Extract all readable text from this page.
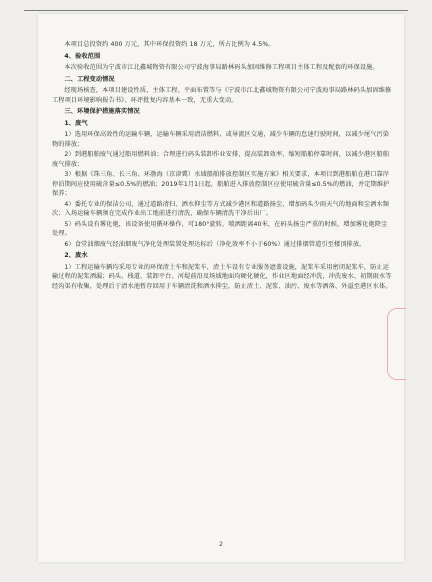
本项目总投资约 400 万元，其中环保投资约 18 万元，所占比例为 4.5%。
4、验收范围
本次验收范围为宁波市江北鑫城物资有限公司宁波海事局路林码头加固维修工程项目主体工程及配套的环保设施。
二、工程变动情况
经现场核查，本项目建设性质、主体工程、平面布置等与《宁波市江北鑫城物资有限公司宁波海事局路林码头加固维修工程项目环境影响报告书》、环评批复内容基本一致，无重大变动。
三、环境保护措施落实情况
1、废气
1）选用环保高效性的运输车辆，运输车辆采用清洁燃料，或导流区交通，减少车辆的怠速行驶时间，以减少尾气污染物的排放；
2）到港船舶废气通过船用燃料油；合理进行码头装卸作业安排，提高装卸效率，缩短船舶停靠时间，以减少港区船舶废气排放；
3）根据《珠三角、长三角、环渤海（京津冀）水域船舶排放控制区实施方案》相关要求，本项目到港船舶在港口靠岸停泊期间应使用硫含量≤0.5%的燃油；2019年1月1日起，船舶进入排放控制区应使用硫含量≤0.5%的燃油，并定期维护保养；
4）委托专业的保洁公司，通过道路清扫、洒水抑尘等方式减少港区和道路扬尘，增加码头少雨天气的地面和尘洒水频次；入场运输车辆须在完成作业出工地前进行清洗，确保车辆清洗干净后出厂。
5）码头设有雾化炮，该设备使用循环操作，可180°旋转，喷洒距离40米，在码头扬尘严重的时候，增加雾化炮降尘处理。
6）食堂油烟废气经油烟废气净化处理装置处理达标后（净化效率不小于60%）通过排烟管道引至楼顶排放。
2、废水
1）工程运输车辆均采用专业的环保渣土车和泥浆车，渣土车设有专业服务遮盖设施，泥浆车采用密闭泥浆车，防止运输过程的泥浆洒漏；码头、栈道、装卸平台、河堤前沿及场域地面均硬化硬化，作业区地面经冲洗，冲洗废水、初期雨水等经沟渠有收集，处理后于清水池暂存回用于车辆清洗和洒水抑尘，防止渣土、泥浆、油污、废水等洒落、外溢至港区水体。
2
